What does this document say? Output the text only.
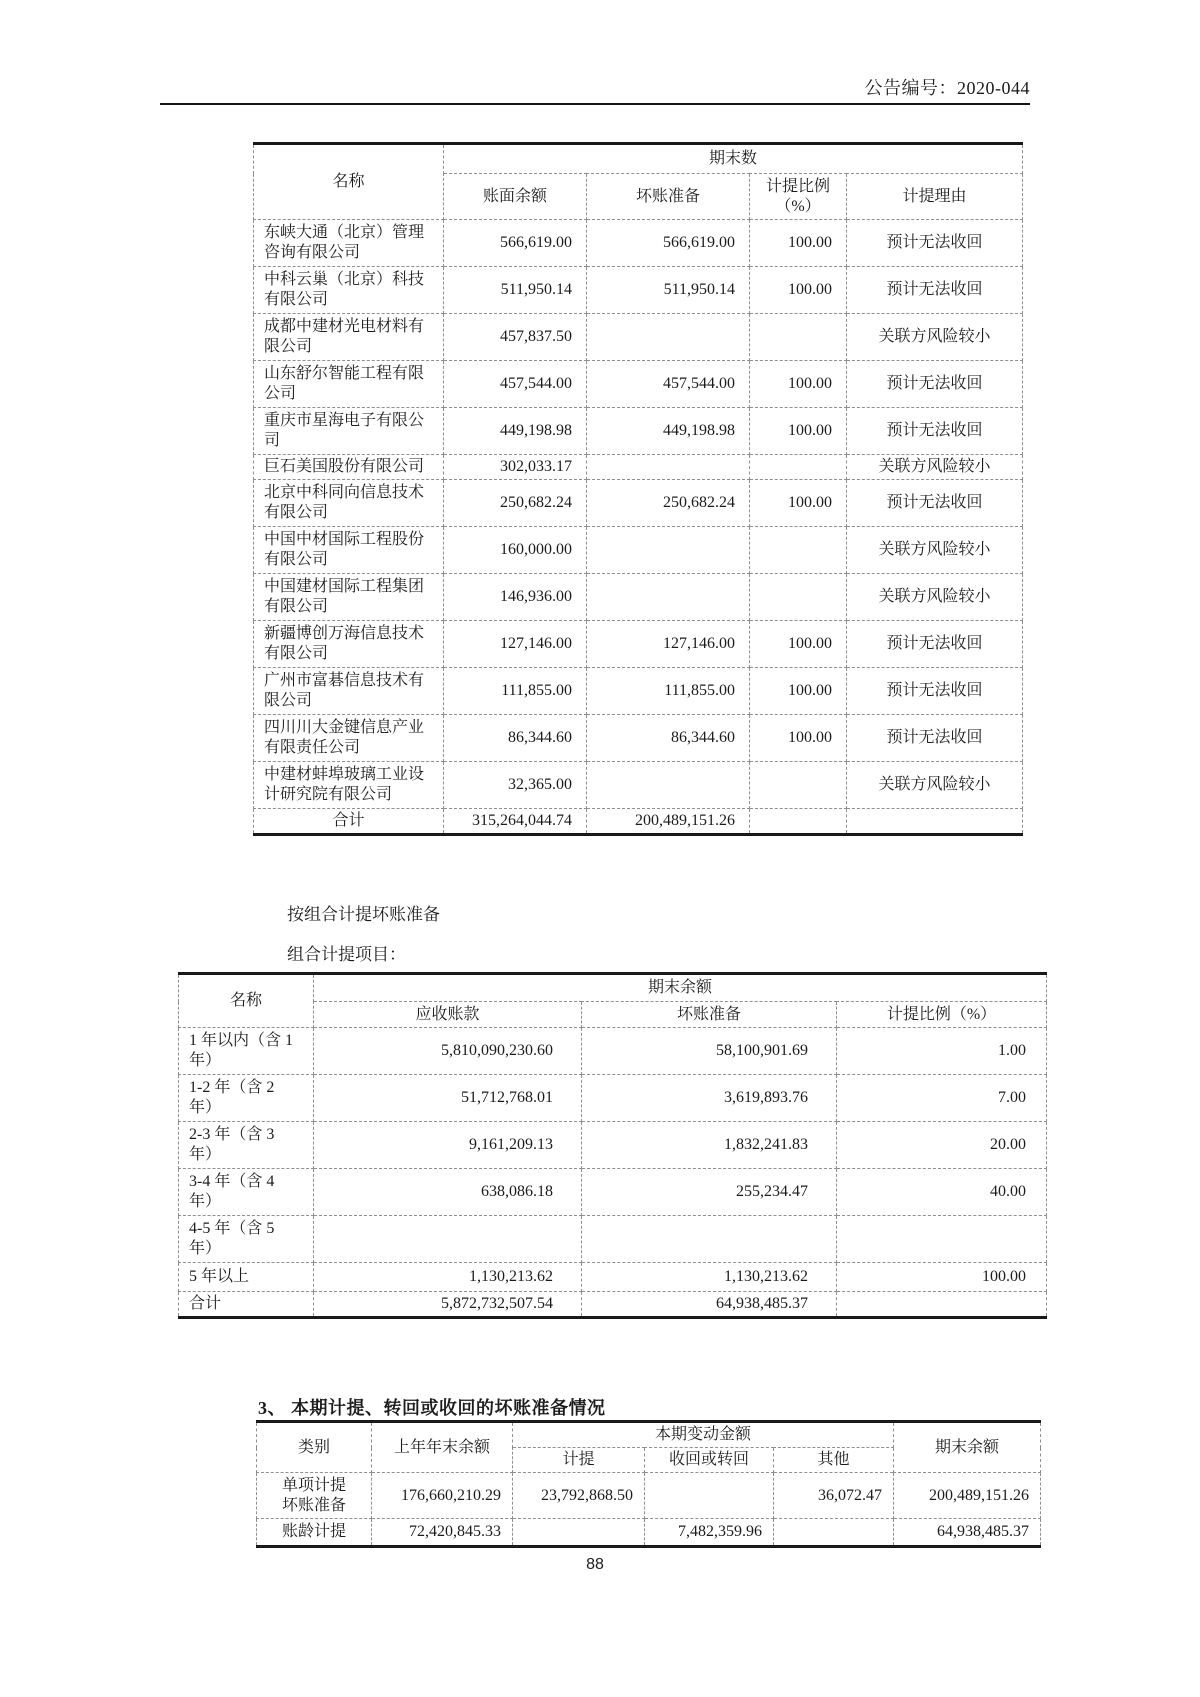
公告编号：2020-044
名称	期末数			
	账面余额	坏账准备	计提比例（%）	计提理由
东峡大通（北京）管理咨询有限公司	566,619.00	566,619.00	100.00	预计无法收回
中科云巢（北京）科技有限公司	511,950.14	511,950.14	100.00	预计无法收回
成都中建材光电材料有限公司	457,837.50			关联方风险较小
山东舒尔智能工程有限公司	457,544.00	457,544.00	100.00	预计无法收回
重庆市星海电子有限公司	449,198.98	449,198.98	100.00	预计无法收回
巨石美国股份有限公司	302,033.17			关联方风险较小
北京中科同向信息技术有限公司	250,682.24	250,682.24	100.00	预计无法收回
中国中材国际工程股份有限公司	160,000.00			关联方风险较小
中国建材国际工程集团有限公司	146,936.00			关联方风险较小
新疆博创万海信息技术有限公司	127,146.00	127,146.00	100.00	预计无法收回
广州市富碁信息技术有限公司	111,855.00	111,855.00	100.00	预计无法收回
四川川大金键信息产业有限责任公司	86,344.60	86,344.60	100.00	预计无法收回
中建材蚌埠玻璃工业设计研究院有限公司	32,365.00			关联方风险较小
合计	315,264,044.74	200,489,151.26		
按组合计提坏账准备
组合计提项目：
名称	期末余额		
	应收账款	坏账准备	计提比例（%）
1 年以内（含 1 年）	5,810,090,230.60	58,100,901.69	1.00
1-2 年（含 2 年）	51,712,768.01	3,619,893.76	7.00
2-3 年（含 3 年）	9,161,209.13	1,832,241.83	20.00
3-4 年（含 4 年）	638,086.18	255,234.47	40.00
4-5 年（含 5 年）			
5 年以上	1,130,213.62	1,130,213.62	100.00
合计	5,872,732,507.54	64,938,485.37	
3、 本期计提、转回或收回的坏账准备情况
类别	上年年末余额	本期变动金额			期末余额
		计提	收回或转回	其他	
单项计提坏账准备	176,660,210.29	23,792,868.50		36,072.47	200,489,151.26
账龄计提	72,420,845.33		7,482,359.96		64,938,485.37
88
